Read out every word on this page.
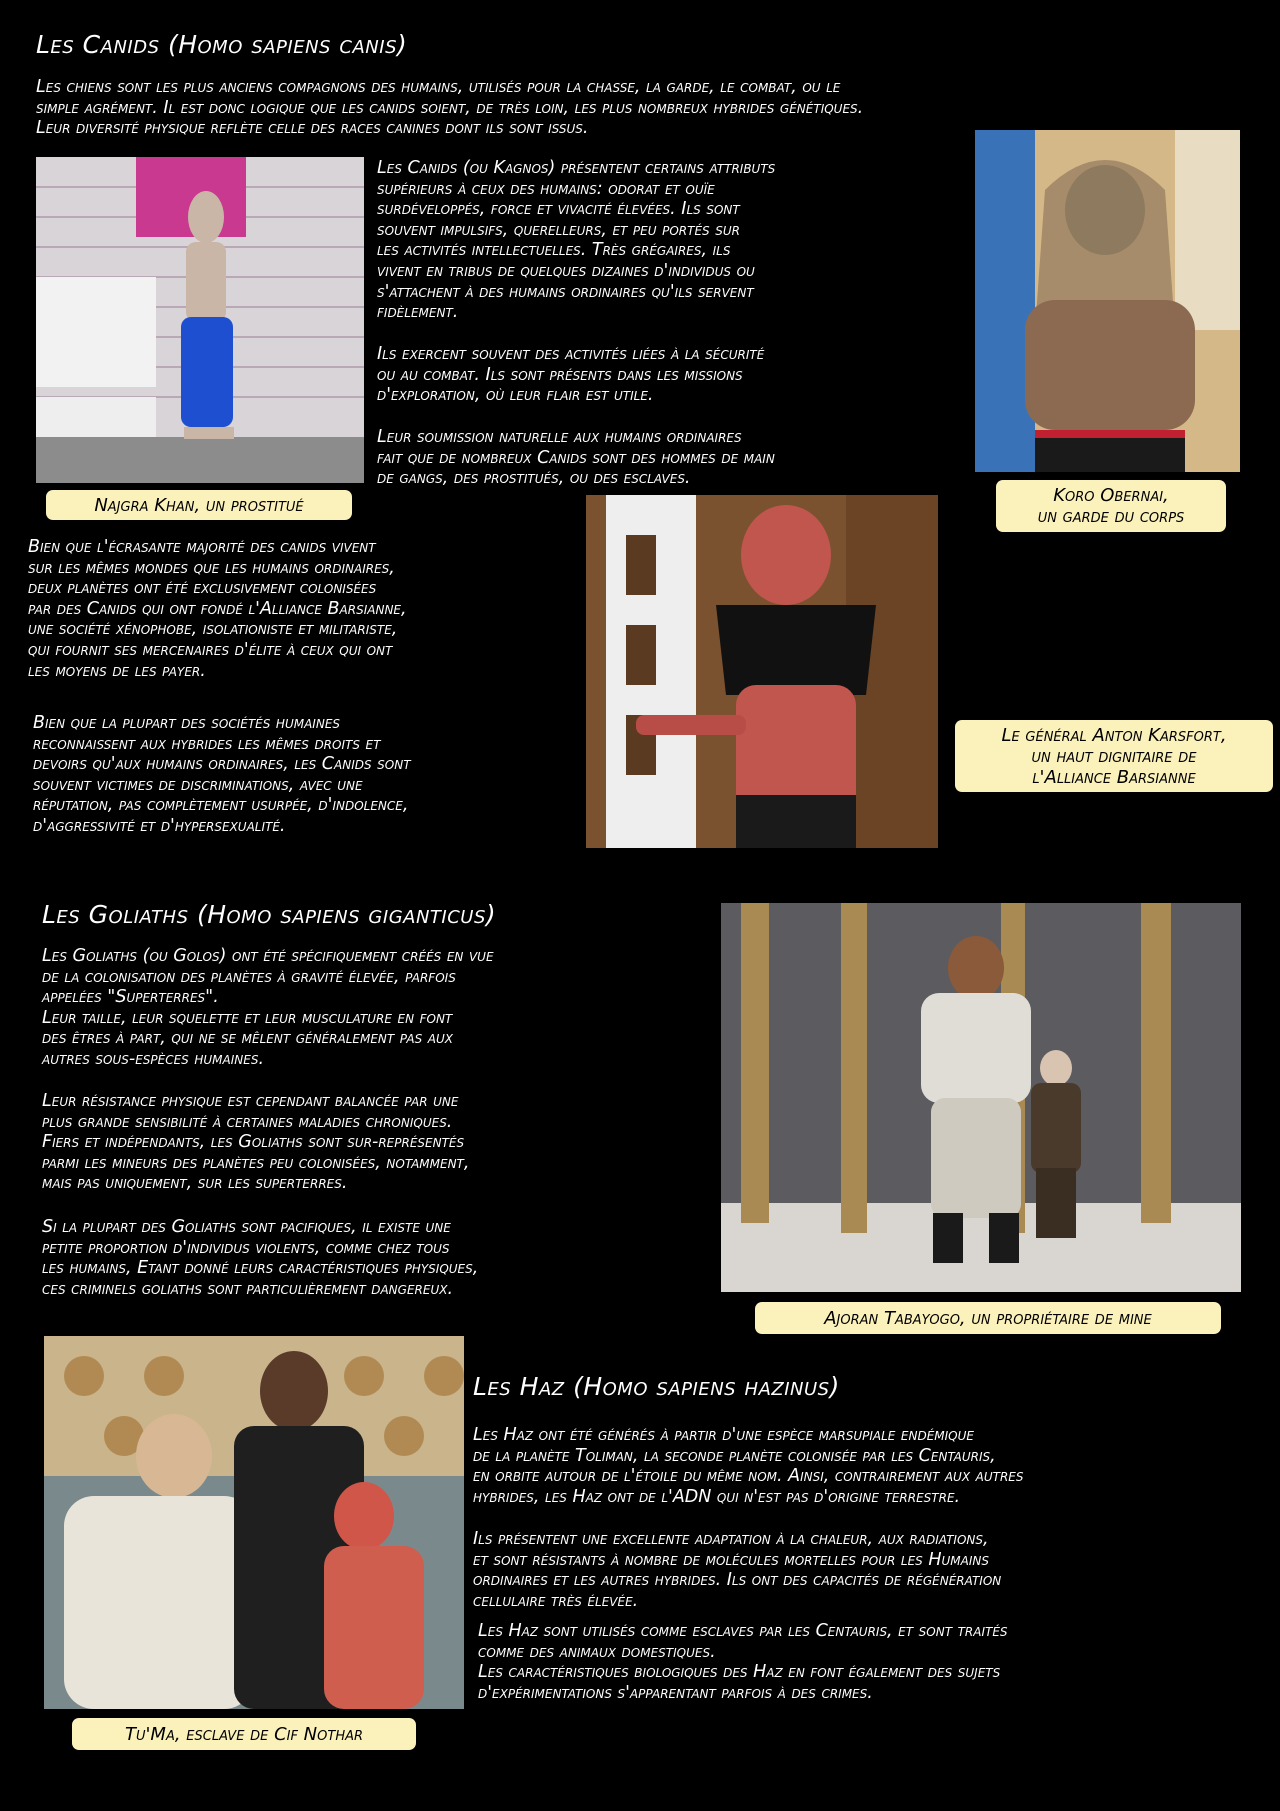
Les Canids (Homo sapiens canis)
Les chiens sont les plus anciens compagnons des humains, utilisés pour la chasse, la garde, le combat, ou le
simple agrément. Il est donc logique que les canids soient, de très loin, les plus nombreux hybrides génétiques.
Leur diversité physique reflète celle des races canines dont ils sont issus.
Najgra Khan, un prostitué
Les Canids (ou Kagnos) présentent certains attributs
supérieurs à ceux des humains: odorat et ouïe
surdéveloppés, force et vivacité élevées. Ils sont
souvent impulsifs, querelleurs, et peu portés sur
les activités intellectuelles. Très grégaires, ils
vivent en tribus de quelques dizaines d'individus ou
s'attachent à des humains ordinaires qu'ils servent
fidèlement.
Ils exercent souvent des activités liées à la sécurité
ou au combat. Ils sont présents dans les missions
d'exploration, où leur flair est utile.
Leur soumission naturelle aux humains ordinaires
fait que de nombreux Canids sont des hommes de main
de gangs, des prostitués, ou des esclaves.
Koro Obernai,
un garde du corps
Bien que l'écrasante majorité des canids vivent
sur les mêmes mondes que les humains ordinaires,
deux planètes ont été exclusivement colonisées
par des Canids qui ont fondé l'Alliance Barsianne,
une société xénophobe, isolationiste et militariste,
qui fournit ses mercenaires d'élite à ceux qui ont
les moyens de les payer.
Bien que la plupart des sociétés humaines
reconnaissent aux hybrides les mêmes droits et
devoirs qu'aux humains ordinaires, les Canids sont
souvent victimes de discriminations, avec une
réputation, pas complètement usurpée, d'indolence,
d'aggressivité et d'hypersexualité.
Le général Anton Karsfort,
un haut dignitaire de
l'Alliance Barsianne
Les Goliaths (Homo sapiens giganticus)
Les Goliaths (ou Golos) ont été spécifiquement créés en vue
de la colonisation des planètes à gravité élevée, parfois
appelées "Superterres".
Leur taille, leur squelette et leur musculature en font
des êtres à part, qui ne se mêlent généralement pas aux
autres sous-espèces humaines.
Leur résistance physique est cependant balancée par une
plus grande sensibilité à certaines maladies chroniques.
Fiers et indépendants, les Goliaths sont sur-représentés
parmi les mineurs des planètes peu colonisées, notamment,
mais pas uniquement, sur les superterres.
Si la plupart des Goliaths sont pacifiques, il existe une
petite proportion d'individus violents, comme chez tous
les humains, Etant donné leurs caractéristiques physiques,
ces criminels goliaths sont particulièrement dangereux.
Ajoran Tabayogo, un propriétaire de mine
Tu'Ma, esclave de Cif Nothar
Les Haz (Homo sapiens hazinus)
Les Haz ont été générés à partir d'une espèce marsupiale endémique
de la planète Toliman, la seconde planète colonisée par les Centauris,
en orbite autour de l'étoile du même nom. Ainsi, contrairement aux autres
hybrides, les Haz ont de l'ADN qui n'est pas d'origine terrestre.
Ils présentent une excellente adaptation à la chaleur, aux radiations,
et sont résistants à nombre de molécules mortelles pour les Humains
ordinaires et les autres hybrides. Ils ont des capacités de régénération
cellulaire très élevée.
Les Haz sont utilisés comme esclaves par les Centauris, et sont traités
comme des animaux domestiques.
Les caractéristiques biologiques des Haz en font également des sujets
d'expérimentations s'apparentant parfois à des crimes.
